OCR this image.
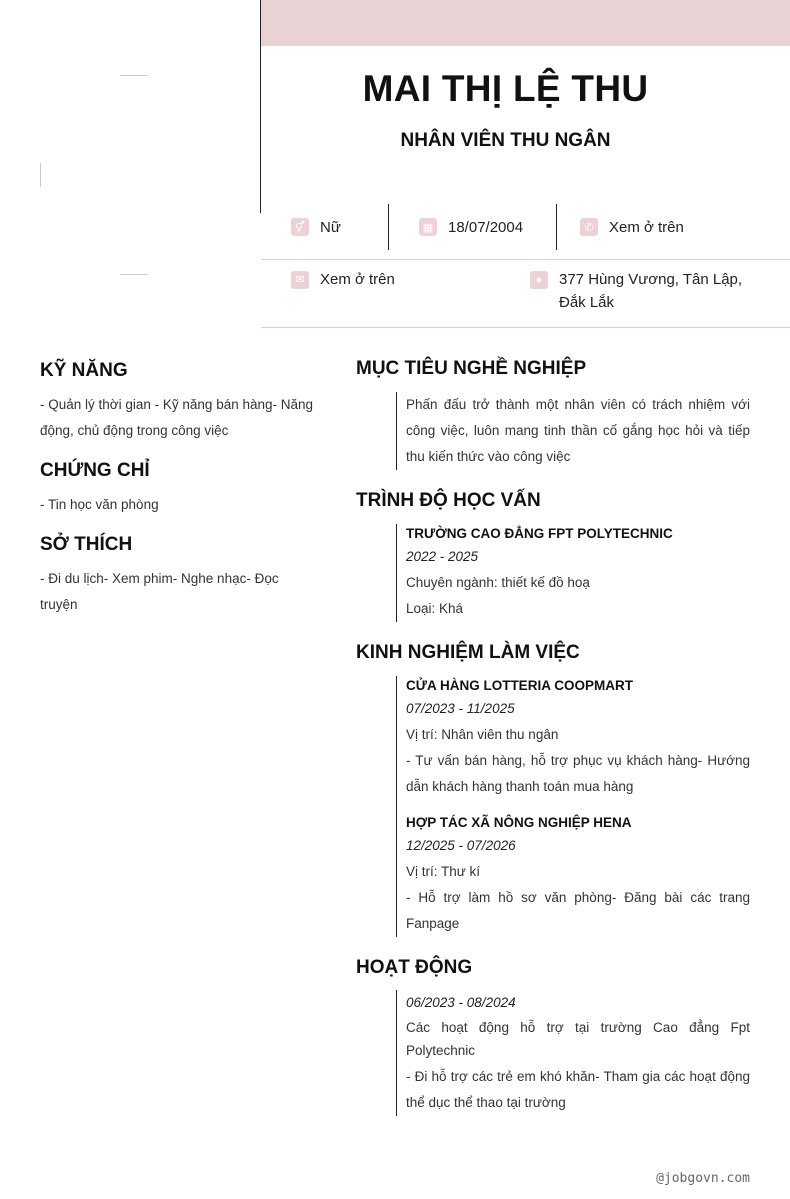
MAI THỊ LỆ THU
NHÂN VIÊN THU NGÂN
⚥ Nữ	▦ 18/07/2004	✆ Xem ở trên
✉ Xem ở trên	●	377 Hùng Vương, Tân Lập, Đắk Lắk
KỸ NĂNG
- Quản lý thời gian - Kỹ năng bán hàng- Năng động, chủ động trong công việc
CHỨNG CHỈ
- Tin học văn phòng
SỞ THÍCH
- Đi du lịch- Xem phim- Nghe nhạc- Đọc truyện
MỤC TIÊU NGHỀ NGHIỆP
Phấn đấu trở thành một nhân viên có trách nhiệm với công việc, luôn mang tinh thần cố gắng học hỏi và tiếp thu kiến thức vào công việc
TRÌNH ĐỘ HỌC VẤN
TRƯỜNG CAO ĐẲNG FPT POLYTECHNIC
2022 - 2025
Chuyên ngành: thiết kế đồ hoạ
Loại: Khá
KINH NGHIỆM LÀM VIỆC
CỬA HÀNG LOTTERIA COOPMART
07/2023 - 11/2025
Vị trí: Nhân viên thu ngân
- Tư vấn bán hàng, hỗ trợ phục vụ khách hàng- Hướng dẫn khách hàng thanh toán mua hàng
HỢP TÁC XÃ NÔNG NGHIỆP HENA
12/2025 - 07/2026
Vị trí: Thư kí
- Hỗ trợ làm hồ sơ văn phòng- Đăng bài các trang Fanpage
HOẠT ĐỘNG
06/2023 - 08/2024
Các hoạt động hỗ trợ tại trường Cao đẳng Fpt Polytechnic
- Đi hỗ trợ các trẻ em khó khăn- Tham gia các hoạt động thể dục thể thao tại trường
@jobgovn.com
